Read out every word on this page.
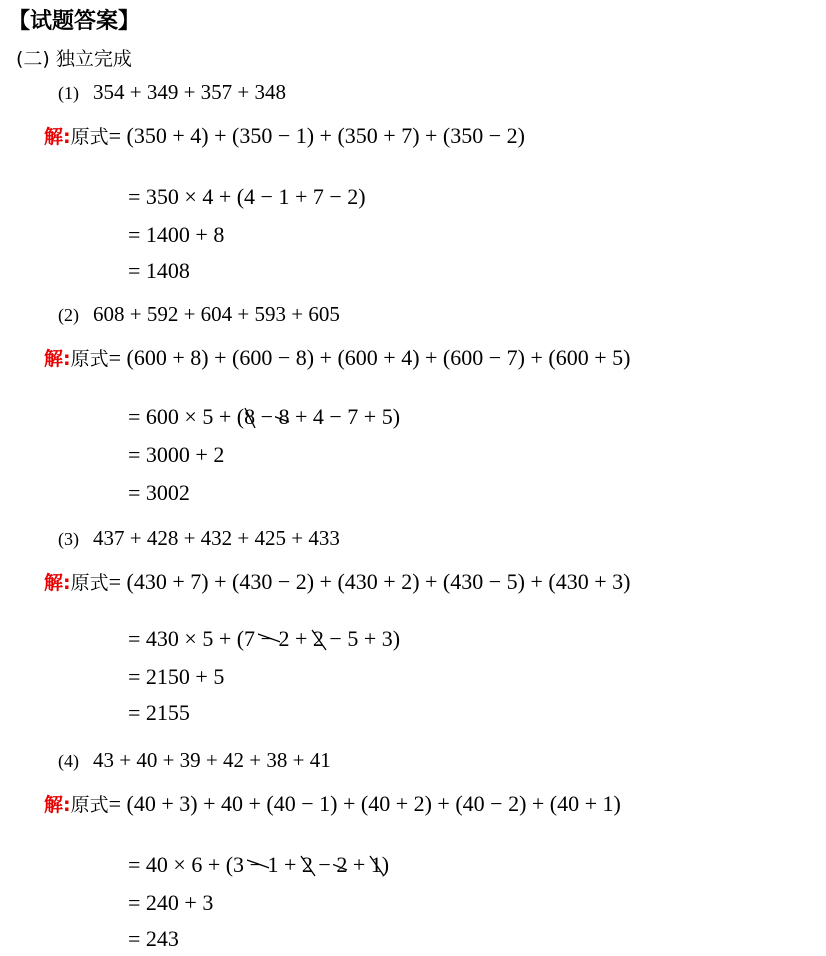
【试题答案】
(二) 独立完成
(1) 354 + 349 + 357 + 348
解:原式= (350 + 4) + (350 − 1) + (350 + 7) + (350 − 2)
= 350 × 4 + (4 − 1 + 7 − 2)
= 1400 + 8
= 1408
(2) 608 + 592 + 604 + 593 + 605
解:原式= (600 + 8) + (600 − 8) + (600 + 4) + (600 − 7) + (600 + 5)
= 600 × 5 + (8
− 8
+ 4 − 7 + 5)
= 3000 + 2
= 3002
(3) 437 + 428 + 432 + 425 + 433
解:原式= (430 + 7) + (430 − 2) + (430 + 2) + (430 − 5) + (430 + 3)
= 430 × 5 + (7 − 2
+ 2
− 5 + 3)
= 2150 + 5
= 2155
(4) 43 + 40 + 39 + 42 + 38 + 41
解:原式= (40 + 3) + 40 + (40 − 1) + (40 + 2) + (40 − 2) + (40 + 1)
= 40 × 6 + (3 − 1
+ 2
− 2
+ 1
)
= 240 + 3
= 243
